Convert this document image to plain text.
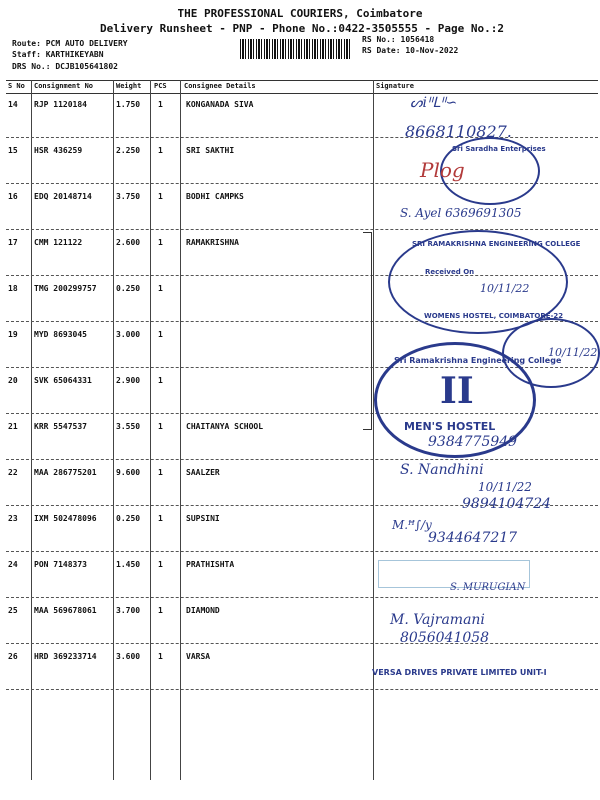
THE PROFESSIONAL COURIERS, Coimbatore
Delivery Runsheet - PNP - Phone No.:0422-3505555 - Page No.:2
Route: PCM AUTO DELIVERY
Staff: KARTHIKEYABN
DRS No.: DCJB105641802
RS No.: 1056418
RS Date: 10-Nov-2022
S No Consignment No	Weight PCS Consignee Details	Signature
14 RJP 1120184	1.750 1	KONGANADA SIVA
15 HSR 436259	2.250 1	SRI SAKTHI
16 EDQ 20148714	3.750 1	BODHI CAMPKS
17 CMM 121122	2.600 1	RAMAKRISHNA
18 TMG 200299757 0.250 1
19 MYD 8693045	3.000 1
20 SVK 65064331	2.900 1
21 KRR 5547537	3.550 1	CHAITANYA SCHOOL
22 MAA 286775201 9.600 1	SAALZER
23 IXM 502478096 0.250 1	SUPSINI
24 PON 7148373	1.450 1	PRATHISHTA
25 MAA 569678061 3.700 1	DIAMOND
26 HRD 369233714 3.600 1	VARSA
ᔕiᐦᒪᐦ∽
8668110827.
Sri Saradha Enterprises
Plog
S. Ayel 6369691305
SRI RAMAKRISHNA ENGINEERING COLLEGE
Received On
10/11/22
WOMENS HOSTEL, COIMBATORE-22
10/11/22
Sri Ramakrishna Engineering College
II
MEN'S HOSTEL
9384775949
S. Nandhini
10/11/22
9894104724
M.ꟸ∫/y
9344647217
S. MURUGIAN
M. Vajramani
8056041058
VERSA DRIVES PRIVATE LIMITED UNIT-I
